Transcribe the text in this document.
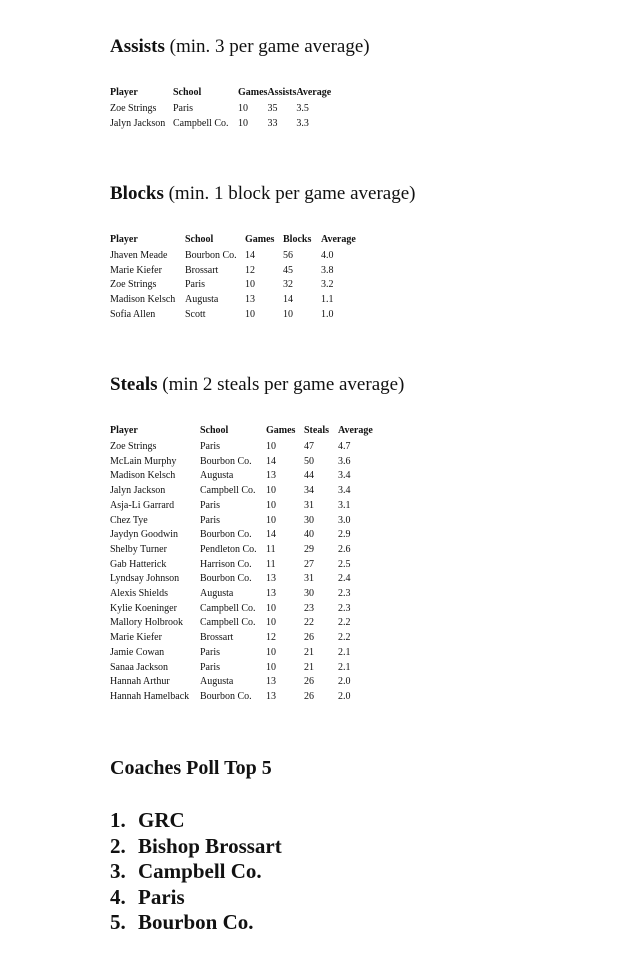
Assists (min. 3 per game average)
Player	School	Games	Assists	Average
Zoe Strings	Paris	10	35	3.5
Jalyn Jackson	Campbell Co.	10	33	3.3
Blocks (min. 1 block per game average)
Player	School	Games	Blocks	Average
Jhaven Meade	Bourbon Co.	14	56	4.0
Marie Kiefer	Brossart	12	45	3.8
Zoe Strings	Paris	10	32	3.2
Madison Kelsch	Augusta	13	14	1.1
Sofia Allen	Scott	10	10	1.0
Steals (min 2 steals per game average)
Player	School	Games	Steals	Average
Zoe Strings	Paris	10	47	4.7
McLain Murphy	Bourbon Co.	14	50	3.6
Madison Kelsch	Augusta	13	44	3.4
Jalyn Jackson	Campbell Co.	10	34	3.4
Asja-Li Garrard	Paris	10	31	3.1
Chez Tye	Paris	10	30	3.0
Jaydyn Goodwin	Bourbon Co.	14	40	2.9
Shelby Turner	Pendleton Co.	11	29	2.6
Gab Hatterick	Harrison Co.	11	27	2.5
Lyndsay Johnson	Bourbon Co.	13	31	2.4
Alexis Shields	Augusta	13	30	2.3
Kylie Koeninger	Campbell Co.	10	23	2.3
Mallory Holbrook	Campbell Co.	10	22	2.2
Marie Kiefer	Brossart	12	26	2.2
Jamie Cowan	Paris	10	21	2.1
Sanaa Jackson	Paris	10	21	2.1
Hannah Arthur	Augusta	13	26	2.0
Hannah Hamelback	Bourbon Co.	13	26	2.0
Coaches Poll Top 5
1. GRC
2. Bishop Brossart
3. Campbell Co.
4. Paris
5. Bourbon Co.
